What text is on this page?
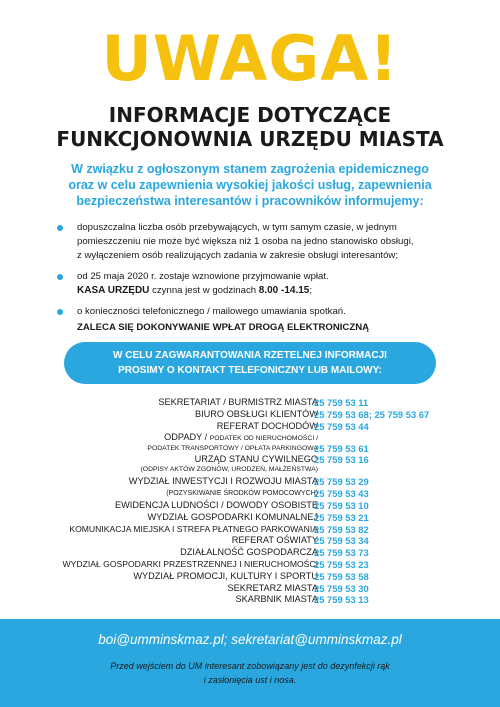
UWAGA!
INFORMACJE DOTYCZĄCE
FUNKCJONOWNIA URZĘDU MIASTA
W związku z ogłoszonym stanem zagrożenia epidemicznego
oraz w celu zapewnienia wysokiej jakości usług, zapewnienia
bezpieczeństwa interesantów i pracowników informujemy:
dopuszczalna liczba osób przebywających, w tym samym czasie, w jednym
pomieszczeniu nie może być większa niż 1 osoba na jedno stanowisko obsługi,
z wyłączeniem osób realizujących zadania w zakresie obsługi interesantów;
od 25 maja 2020 r. zostaje wznowione przyjmowanie wpłat.
KASA URZĘDU czynna jest w godzinach 8.00 -14.15;
o konieczności telefonicznego / mailowego umawiania spotkań.
ZALECA SIĘ DOKONYWANIE WPŁAT DROGĄ ELEKTRONICZNĄ
W CELU ZAGWARANTOWANIA RZETELNEJ INFORMACJI
PROSIMY O KONTAKT TELEFONICZNY LUB MAILOWY:
SEKRETARIAT / BURMISTRZ MIASTA
25 759 53 11
BIURO OBSŁUGI KLIENTÓW
25 759 53 68; 25 759 53 67
REFERAT DOCHODÓW
25 759 53 44
ODPADY / PODATEK OD NIERUCHOMOŚCI /
PODATEK TRANSPORTOWY / OPŁATA PARKINGOWA
25 759 53 61
URZĄD STANU CYWILNEGO
(ODPISY AKTÓW ZGONÓW, URODZEŃ, MAŁŻEŃSTWA)
25 759 53 16
WYDZIAŁ INWESTYCJI I ROZWOJU MIASTA
25 759 53 29
(POZYSKIWANIE ŚRODKÓW POMOCOWYCH)
25 759 53 43
EWIDENCJA LUDNOŚCI / DOWODY OSOBISTE
25 759 53 10
WYDZIAŁ GOSPODARKI KOMUNALNEJ
25 759 53 21
KOMUNIKACJA MIEJSKA I STREFA PŁATNEGO PARKOWANIA
25 759 53 82
REFERAT OŚWIATY
25 759 53 34
DZIAŁALNOŚĆ GOSPODARCZA
25 759 53 73
WYDZIAŁ GOSPODARKI PRZESTRZENNEJ I NIERUCHOMOŚCI
25 759 53 23
WYDZIAŁ PROMOCJI, KULTURY I SPORTU
25 759 53 58
SEKRETARZ MIASTA
25 759 53 30
SKARBNIK MIASTA
25 759 53 13
boi@umminskmaz.pl; sekretariat@umminskmaz.pl
Przed wejściem do UM interesant zobowiązany jest do dezynfekcji rąk
i zasłonięcia ust i nosa.
